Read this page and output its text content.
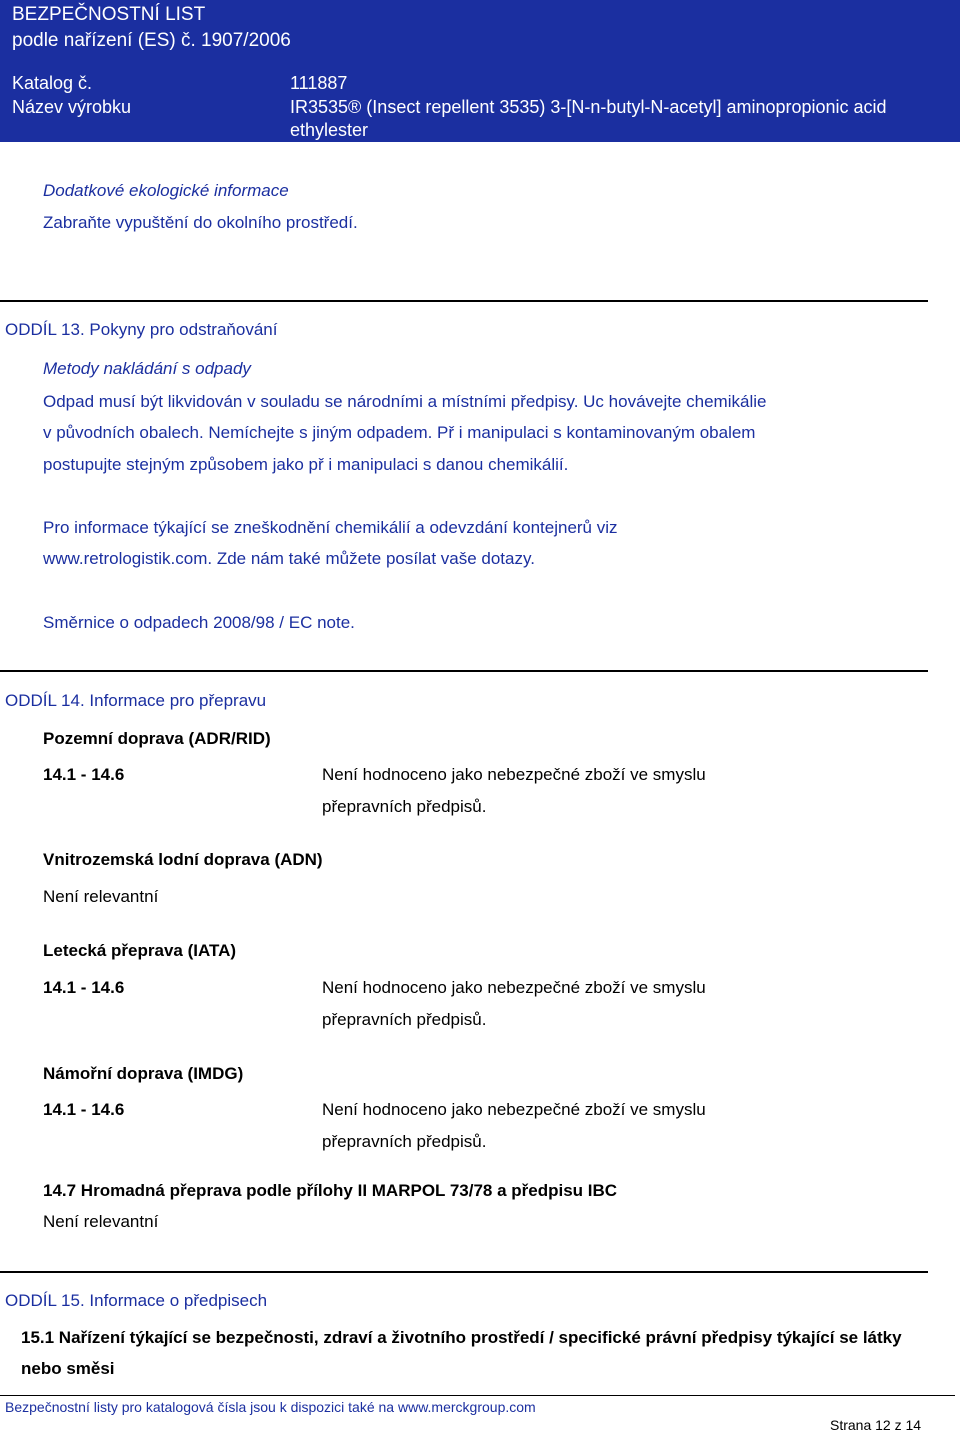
BEZPEČNOSTNÍ LIST
podle nařízení (ES) č. 1907/2006
Katalog č.	111887
Název výrobku	IR3535® (Insect repellent 3535) 3-[N-n-butyl-N-acetyl] aminopropionic acid
ethylester
Dodatkové ekologické informace
Zabraňte vypuštění do okolního prostředí.
ODDÍL 13. Pokyny pro odstraňování
Metody nakládání s odpady
Odpad musí být likvidován v souladu se národními a místními předpisy. Uc hovávejte chemikálie
v původních obalech. Nemíchejte s jiným odpadem. Př i manipulaci s kontaminovaným obalem
postupujte stejným způsobem jako př i manipulaci s danou chemikálií.
Pro informace týkající se zneškodnění chemikálií a odevzdání kontejnerů viz
www.retrologistik.com. Zde nám také můžete posílat vaše dotazy.
Směrnice o odpadech 2008/98 / EC note.
ODDÍL 14. Informace pro přepravu
Pozemní doprava (ADR/RID)
14.1 - 14.6	Není hodnoceno jako nebezpečné zboží ve smyslu
přepravních předpisů.
Vnitrozemská lodní doprava (ADN)
Není relevantní
Letecká přeprava (IATA)
14.1 - 14.6	Není hodnoceno jako nebezpečné zboží ve smyslu
přepravních předpisů.
Námořní doprava (IMDG)
14.1 - 14.6	Není hodnoceno jako nebezpečné zboží ve smyslu
přepravních předpisů.
14.7 Hromadná přeprava podle přílohy II MARPOL 73/78 a předpisu IBC
Není relevantní
ODDÍL 15. Informace o předpisech
15.1 Nařízení týkající se bezpečnosti, zdraví a životního prostředí / specifické právní předpisy týkající se látky
nebo směsi
Bezpečnostní listy pro katalogová čísla jsou k dispozici také na www.merckgroup.com
Strana 12 z 14
